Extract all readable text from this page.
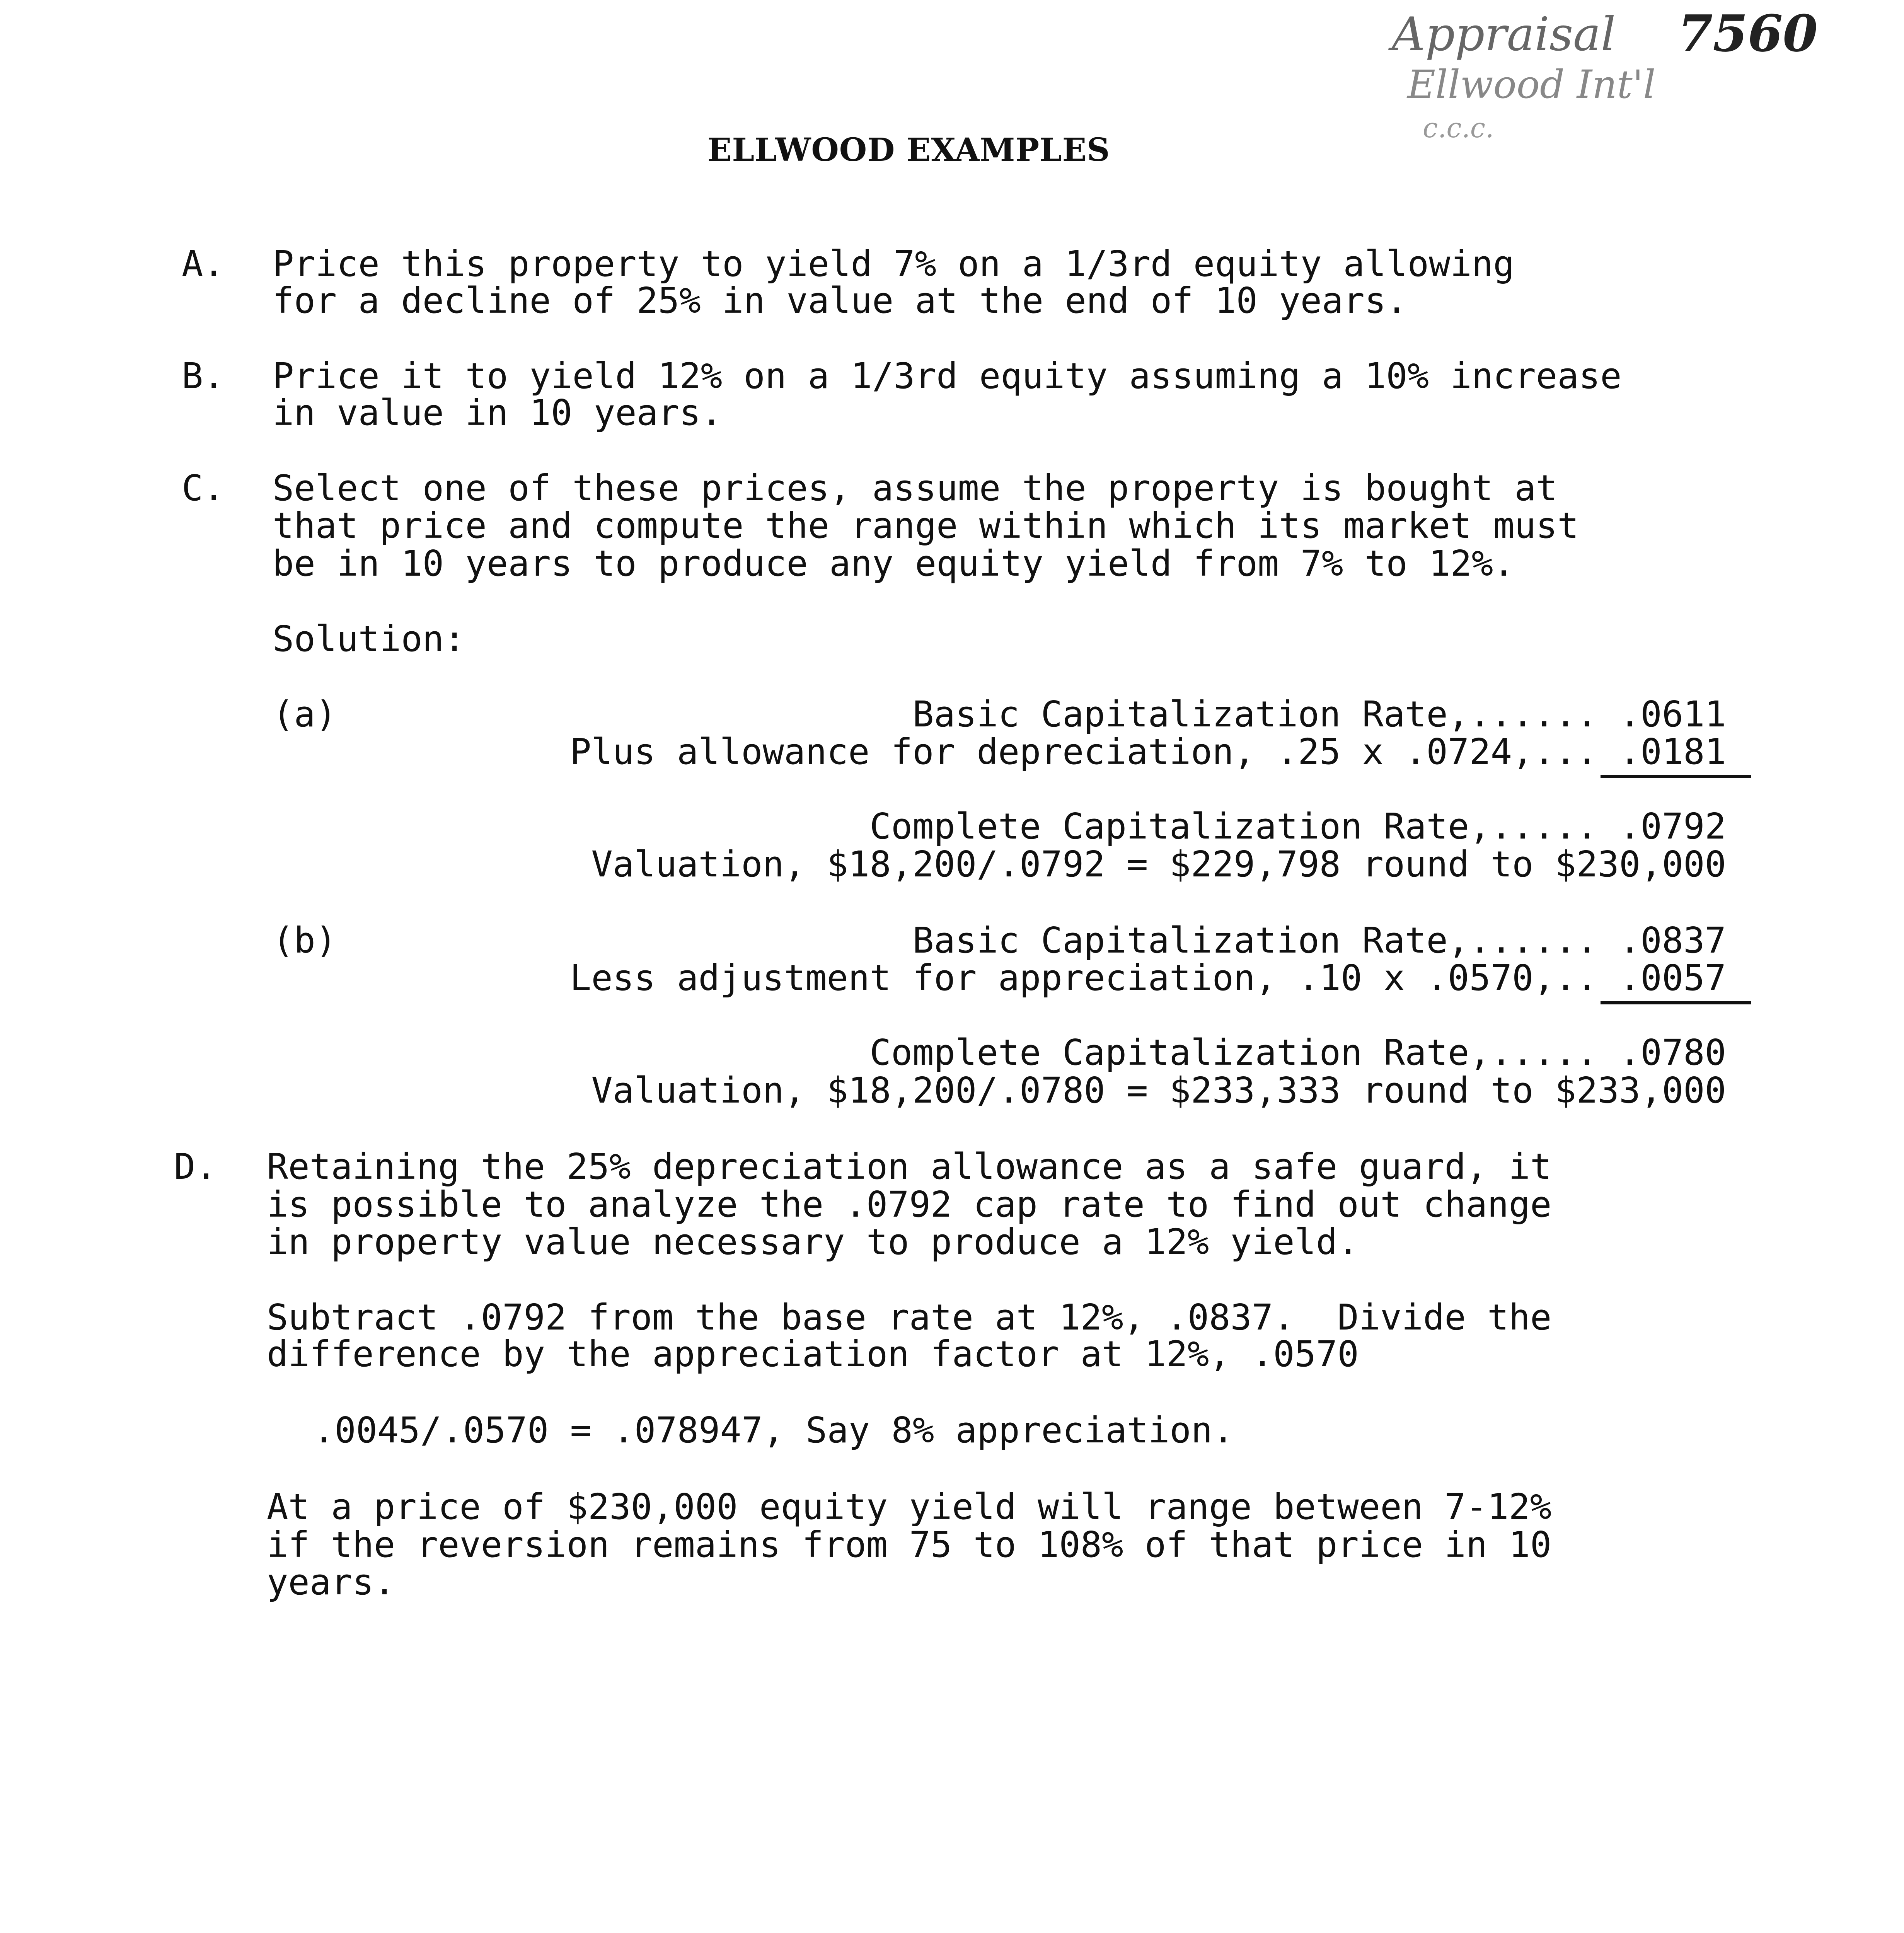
Appraisal 7560
Ellwood Int'l
c.c.c.
ELLWOOD EXAMPLES
A. Price this property to yield 7% on a 1/3rd equity allowing
for a decline of 25% in value at the end of 10 years.
B. Price it to yield 12% on a 1/3rd equity assuming a 10% increase
in value in 10 years.
C. Select one of these prices, assume the property is bought at
that price and compute the range within which its market must
be in 10 years to produce any equity yield from 7% to 12%.
Solution:
(a)	Basic Capitalization Rate,...... .0611
Plus allowance for depreciation, .25 x .0724,... .0181
Complete Capitalization Rate,..... .0792
Valuation, $18,200/.0792 = $229,798 round to $230,000
(b)	Basic Capitalization Rate,...... .0837
Less adjustment for appreciation, .10 x .0570,.. .0057
Complete Capitalization Rate,..... .0780
Valuation, $18,200/.0780 = $233,333 round to $233,000
D. Retaining the 25% depreciation allowance as a safe guard, it
is possible to analyze the .0792 cap rate to find out change
in property value necessary to produce a 12% yield.
Subtract .0792 from the base rate at 12%, .0837.  Divide the
difference by the appreciation factor at 12%, .0570
.0045/.0570 = .078947, Say 8% appreciation.
At a price of $230,000 equity yield will range between 7-12%
if the reversion remains from 75 to 108% of that price in 10
years.
